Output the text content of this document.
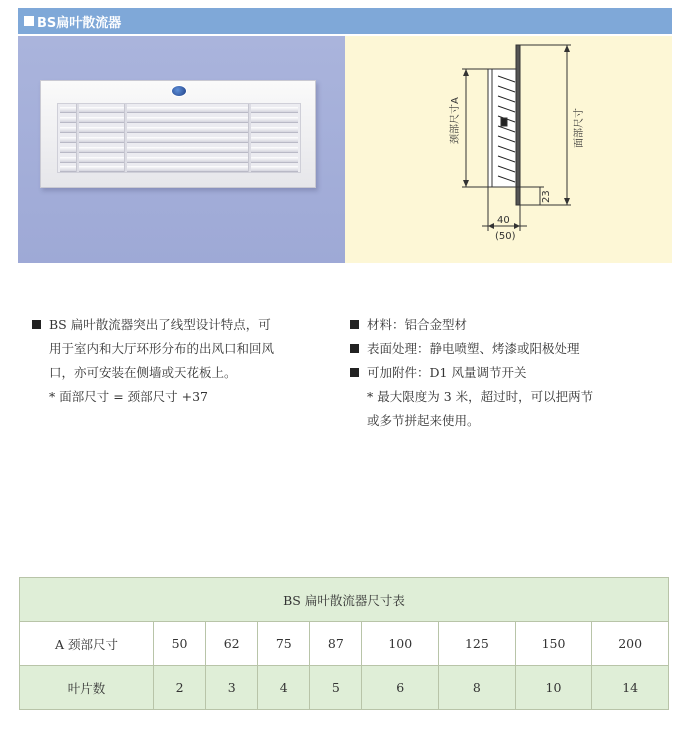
BS扁叶散流器
颈部尺寸A	面部尺寸
23
40
(50)
BS 扁叶散流器突出了线型设计特点，可
用于室内和大厅环形分布的出风口和回风
口，亦可安装在侧墙或天花板上。
* 面部尺寸 = 颈部尺寸 +37
材料：铝合金型材
表面处理：静电喷塑、烤漆或阳极处理
可加附件：D1 风量调节开关
* 最大限度为 3 米，超过时，可以把两节
或多节拼起来使用。
BS 扁叶散流器尺寸表								
A 颈部尺寸	50	62	75	87	100	125	150	200
叶片数	2	3	4	5	6	8	10	14
